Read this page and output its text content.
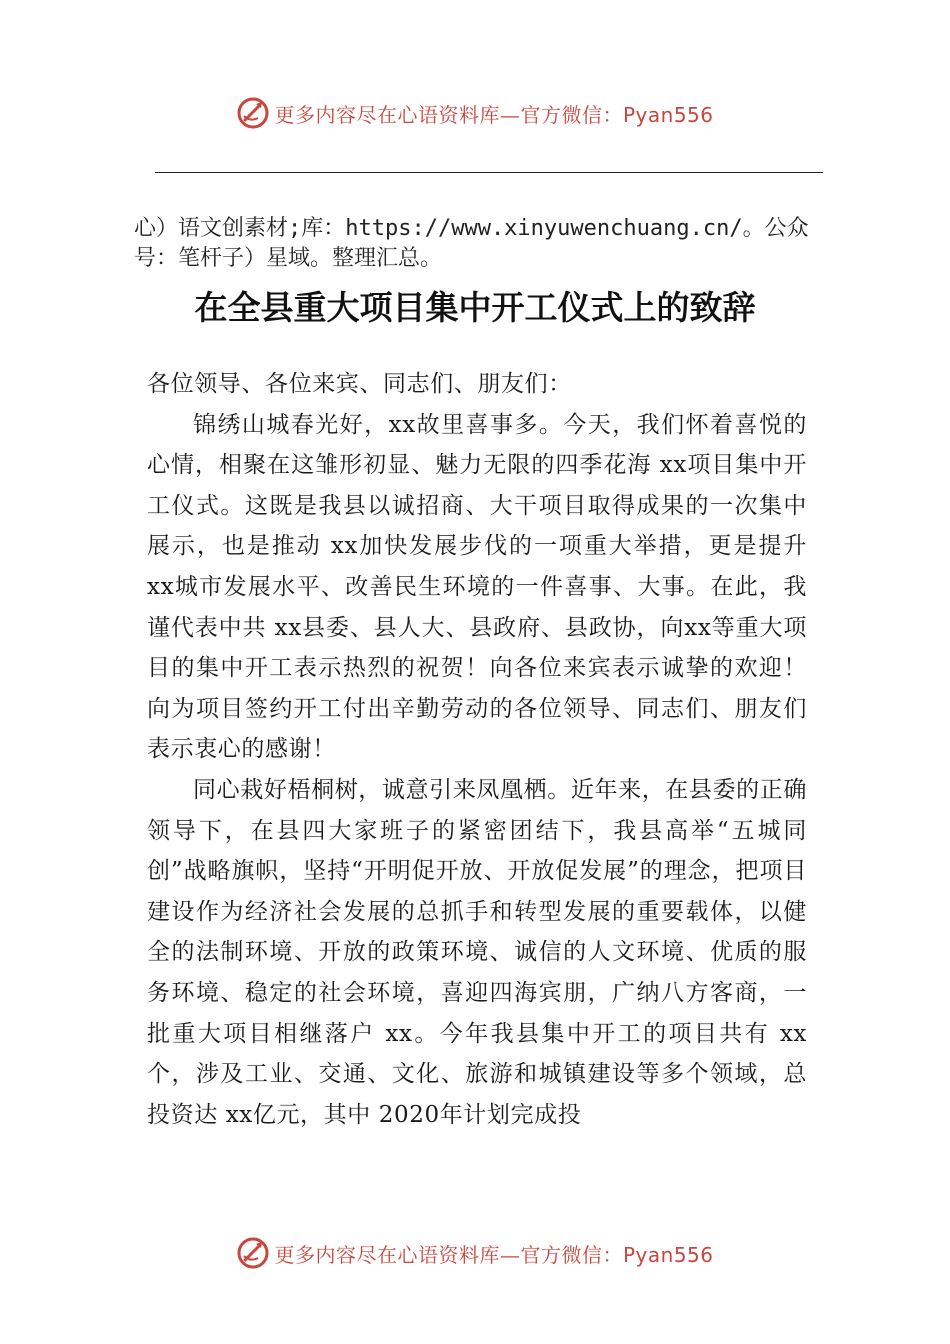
更多内容尽在心语资料库—官方微信：Pyan556

心）语文创素材;库：https://www.xinyuwenchuang.cn/。公众号：笔杆子）星域。整理汇总。

在全县重大项目集中开工仪式上的致辞

各位领导、各位来宾、同志们、朋友们：

锦绣山城春光好，xx故里喜事多。今天，我们怀着喜悦的心情，相聚在这雏形初显、魅力无限的四季花海 xx项目集中开工仪式。这既是我县以诚招商、大干项目取得成果的一次集中展示，也是推动 xx加快发展步伐的一项重大举措，更是提升 xx城市发展水平、改善民生环境的一件喜事、大事。在此，我谨代表中共 xx县委、县人大、县政府、县政协，向xx等重大项目的集中开工表示热烈的祝贺！向各位来宾表示诚挚的欢迎！向为项目签约开工付出辛勤劳动的各位领导、同志们、朋友们表示衷心的感谢！

同心栽好梧桐树，诚意引来凤凰栖。近年来，在县委的正确领导下，在县四大家班子的紧密团结下，我县高举“五城同创”战略旗帜，坚持“开明促开放、开放促发展”的理念，把项目建设作为经济社会发展的总抓手和转型发展的重要载体，以健全的法制环境、开放的政策环境、诚信的人文环境、优质的服务环境、稳定的社会环境，喜迎四海宾朋，广纳八方客商，一批重大项目相继落户 xx。今年我县集中开工的项目共有 xx个，涉及工业、交通、文化、旅游和城镇建设等多个领域，总投资达 xx亿元，其中 2020年计划完成投

更多内容尽在心语资料库—官方微信：Pyan556
